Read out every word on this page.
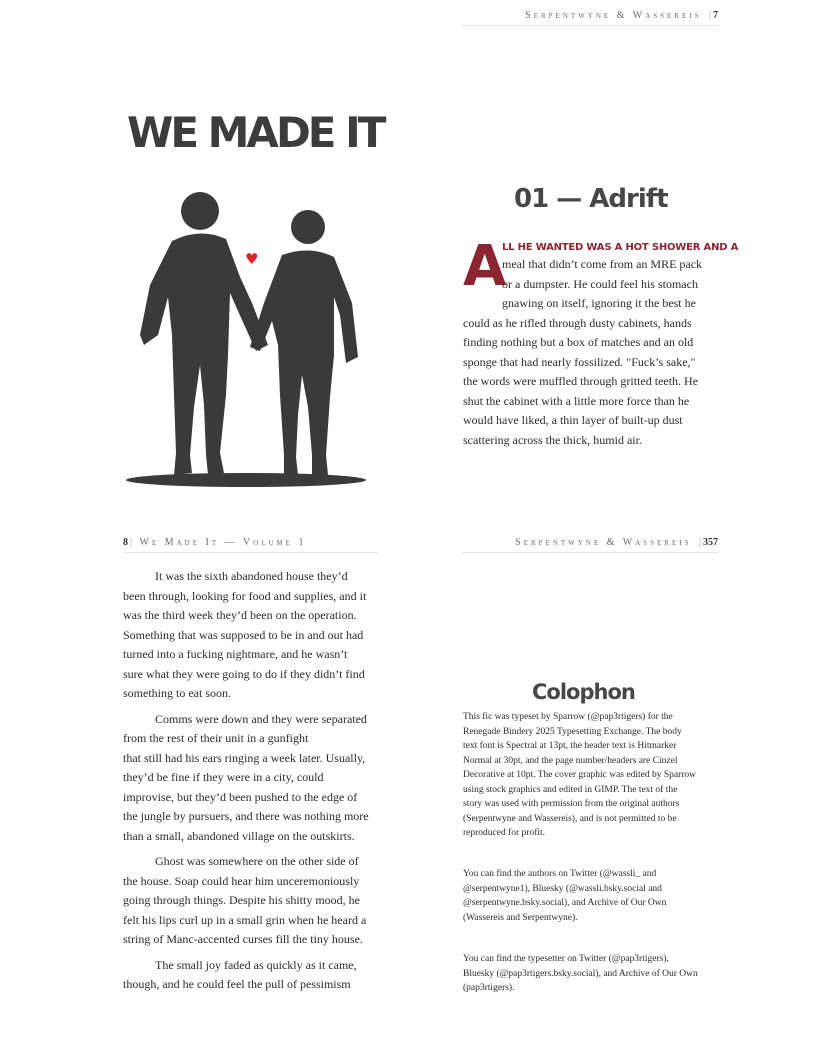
Serpentwyne & Wassereis | 7
WE MADE IT
♥
01 — Adrift
A
LL HE WANTED WAS A HOT SHOWER AND A
meal that didn’t come from an MRE pack
or a dumpster. He could feel his stomach
gnawing on itself, ignoring it the best he
could as he rifled through dusty cabinets, hands
finding nothing but a box of matches and an old
sponge that had nearly fossilized. "Fuck’s sake,"
the words were muffled through gritted teeth. He
shut the cabinet with a little more force than he
would have liked, a thin layer of built-up dust
scattering across the thick, humid air.
8 | We Made It — Volume 1
It was the sixth abandoned house they’d
been through, looking for food and supplies, and it
was the third week they’d been on the operation.
Something that was supposed to be in and out had
turned into a fucking nightmare, and he wasn’t
sure what they were going to do if they didn’t find
something to eat soon.
Comms were down and they were separated
from the rest of their unit in a gunfight
that still had his ears ringing a week later. Usually,
they’d be fine if they were in a city, could
improvise, but they’d been pushed to the edge of
the jungle by pursuers, and there was nothing more
than a small, abandoned village on the outskirts.
Ghost was somewhere on the other side of
the house. Soap could hear him unceremoniously
going through things. Despite his shitty mood, he
felt his lips curl up in a small grin when he heard a
string of Manc-accented curses fill the tiny house.
The small joy faded as quickly as it came,
though, and he could feel the pull of pessimism
Serpentwyne & Wassereis | 357
Colophon
This fic was typeset by Sparrow (@pap3rtigers) for the
Renegade Bindery 2025 Typesetting Exchange. The body
text font is Spectral at 13pt, the header text is Hitmarker
Normal at 30pt, and the page number/headers are Cinzel
Decorative at 10pt. The cover graphic was edited by Sparrow
using stock graphics and edited in GIMP. The text of the
story was used with permission from the original authors
(Serpentwyne and Wassereis), and is not permitted to be
reproduced for profit.
You can find the authors on Twitter (@wassli_ and
@serpentwyne1), Bluesky (@wassli.bsky.social and
@serpentwyne.bsky.social), and Archive of Our Own
(Wassereis and Serpentwyne).
You can find the typesetter on Twitter (@pap3rtigers),
Bluesky (@pap3rtigers.bsky.social), and Archive of Our Own
(pap3rtigers).
